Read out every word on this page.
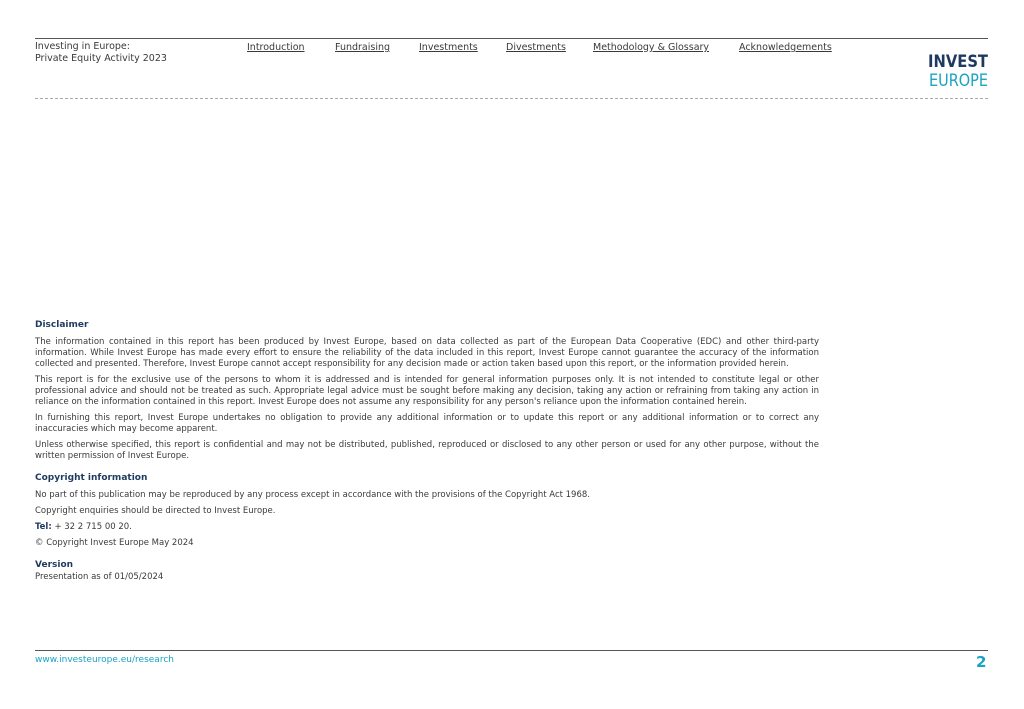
Investing in Europe:
Private Equity Activity 2023
Introduction	Fundraising	Investments	Divestments	Methodology & Glossary	Acknowledgements
INVEST
EUROPE
Disclaimer
The information contained in this report has been produced by Invest Europe, based on data collected as part of the European Data Cooperative (EDC) and other third-party information. While Invest Europe has made every effort to ensure the reliability of the data included in this report, Invest Europe cannot guarantee the accuracy of the information collected and presented. Therefore, Invest Europe cannot accept responsibility for any decision made or action taken based upon this report, or the information provided herein.
This report is for the exclusive use of the persons to whom it is addressed and is intended for general information purposes only. It is not intended to constitute legal or other professional advice and should not be treated as such. Appropriate legal advice must be sought before making any decision, taking any action or refraining from taking any action in reliance on the information contained in this report. Invest Europe does not assume any responsibility for any person's reliance upon the information contained herein.
In furnishing this report, Invest Europe undertakes no obligation to provide any additional information or to update this report or any additional information or to correct any inaccuracies which may become apparent.
Unless otherwise specified, this report is confidential and may not be distributed, published, reproduced or disclosed to any other person or used for any other purpose, without the written permission of Invest Europe.
Copyright information
No part of this publication may be reproduced by any process except in accordance with the provisions of the Copyright Act 1968.
Copyright enquiries should be directed to Invest Europe.
Tel: + 32 2 715 00 20.
© Copyright Invest Europe May 2024
Version
Presentation as of 01/05/2024
www.investeurope.eu/research	2
